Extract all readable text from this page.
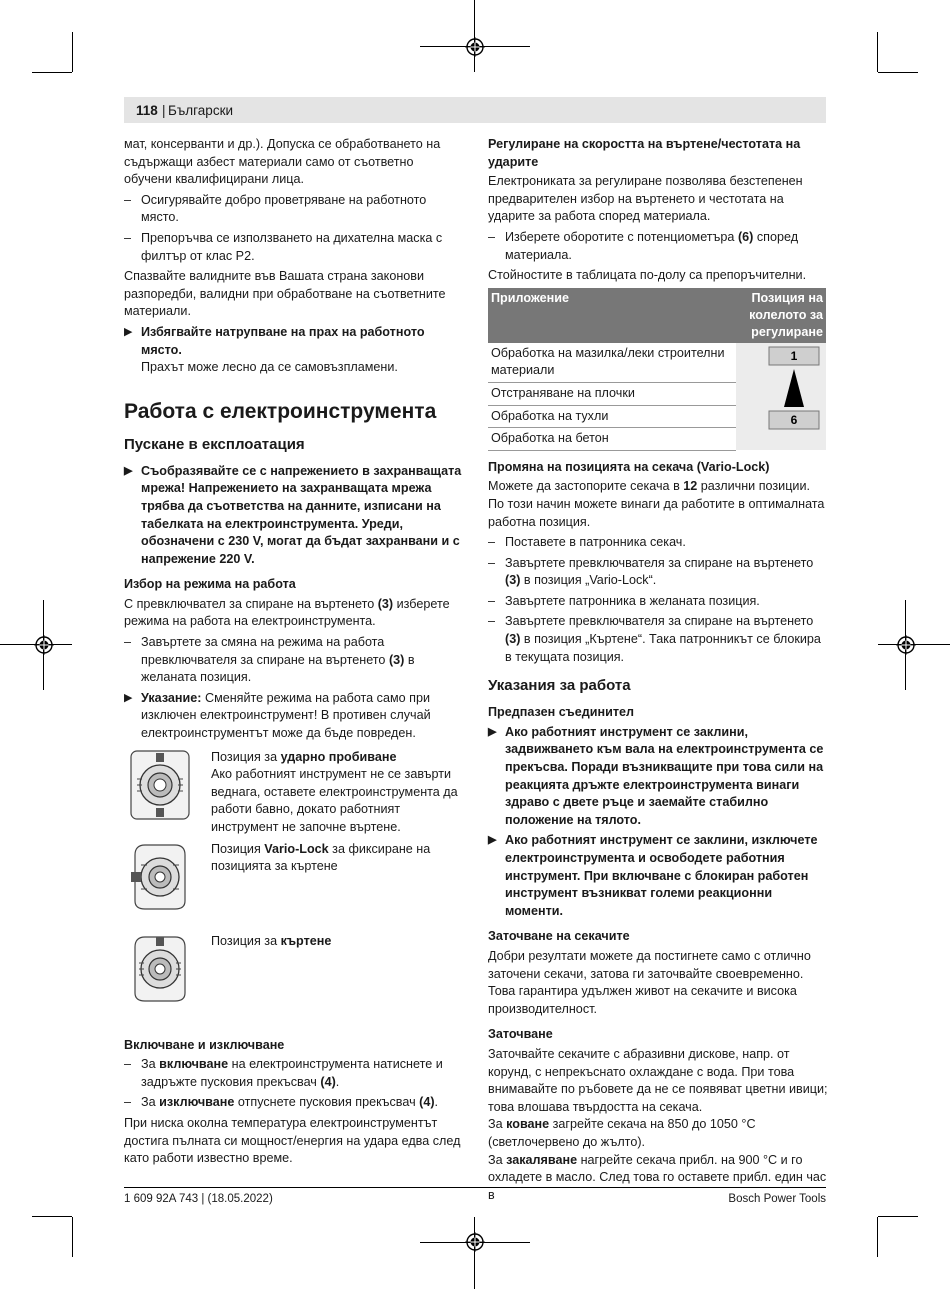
118 | Български

мат, консерванти и др.). Допуска се обработването на съдържащи азбест материали само от съответно обучени квалифицирани лица.

– Осигурявайте добро проветряване на работното място.
– Препоръчва се използването на дихателна маска с филтър от клас P2.

Спазвайте валидните във Вашата страна законови разпоредби, валидни при обработване на съответните материали.

▶ Избягвайте натрупване на прах на работното място.
Прахът може лесно да се самовъзпламени.
Работа с електроинструмента
Пускане в експлоатация
▶ Съобразявайте се с напрежението в захранващата мрежа! Напрежението на захранващата мрежа трябва да съответства на данните, изписани на табелката на електроинструмента. Уреди, обозначени с 230 V, могат да бъдат захранвани и с напрежение 220 V.
Избор на режима на работа

С превключвател за спиране на въртенето (3) изберете режима на работа на електроинструмента.

– Завъртете за смяна на режима на работа превключвателя за спиране на въртенето (3) в желаната позиция.
▶ Указание: Сменяйте режима на работа само при изключен електроинструмент! В противен случай електроинструментът може да бъде повреден.
Позиция за ударно пробиване
Ако работният инструмент не се завърти веднага, оставете електроинструмента да работи бавно, докато работният инструмент не започне въртене.
Позиция Vario-Lock за фиксиране на позицията за къртене
Позиция за къртене
Включване и изключване
– За включване на електроинструмента натиснете и задръжте пусковия прекъсвач (4).
– За изключване отпуснете пусковия прекъсвач (4).

При ниска околна температура електроинструментът достига пълната си мощност/енергия на удара едва след като работи известно време.

Регулиране на скоростта на въртене/честотата на ударите

Електрониката за регулиране позволява безстепенен предварителен избор на въртенето и честотата на ударите за работа според материала.

– Изберете оборотите с потенциометъра (6) според материала.

Стойностите в таблицата по-долу са препоръчителни.

Приложение	Позиция на колелото за регулиране
Обработка на мазилка/леки строителни материали	1
6

Отстраняване на плочки	
Обработка на тухли	
Обработка на бетон	
Промяна на позицията на секача (Vario-Lock)

Можете да застопорите секача в 12 различни позиции. По този начин можете винаги да работите в оптималната работна позиция.

– Поставете в патронника секач.
– Завъртете превключвателя за спиране на въртенето (3) в позиция „Vario-Lock“.
– Завъртете патронника в желаната позиция.
– Завъртете превключвателя за спиране на въртенето (3) в позиция „Къртене“. Така патронникът се блокира в текущата позиция.
Указания за работа
Предпазен съединител
▶ Ако работният инструмент се заклини, задвижването към вала на електроинструмента се прекъсва. Поради възникващите при това сили на реакцията дръжте електроинструмента винаги здраво с двете ръце и заемайте стабилно положение на тялото.
▶ Ако работният инструмент се заклини, изключете електроинструмента и освободете работния инструмент. При включване с блокиран работен инструмент възникват големи реакционни моменти.
Заточване на секачите

Добри резултати можете да постигнете само с отлично заточени секачи, затова ги заточвайте своевременно. Това гарантира удължен живот на секачите и висока производителност.

Заточване

Заточвайте секачите с абразивни дискове, напр. от корунд, с непрекъснато охлаждане с вода. При това внимавайте по ръбовете да не се появяват цветни ивици; това влошава твърдостта на секача.

За коване загрейте секача на 850 до 1050 °C (светлочервено до жълто).

За закаляване нагрейте секача прибл. на 900 °C и го охладете в масло. След това го оставете прибл. един час в

1 609 92A 743 | (18.05.2022)	Bosch Power Tools
